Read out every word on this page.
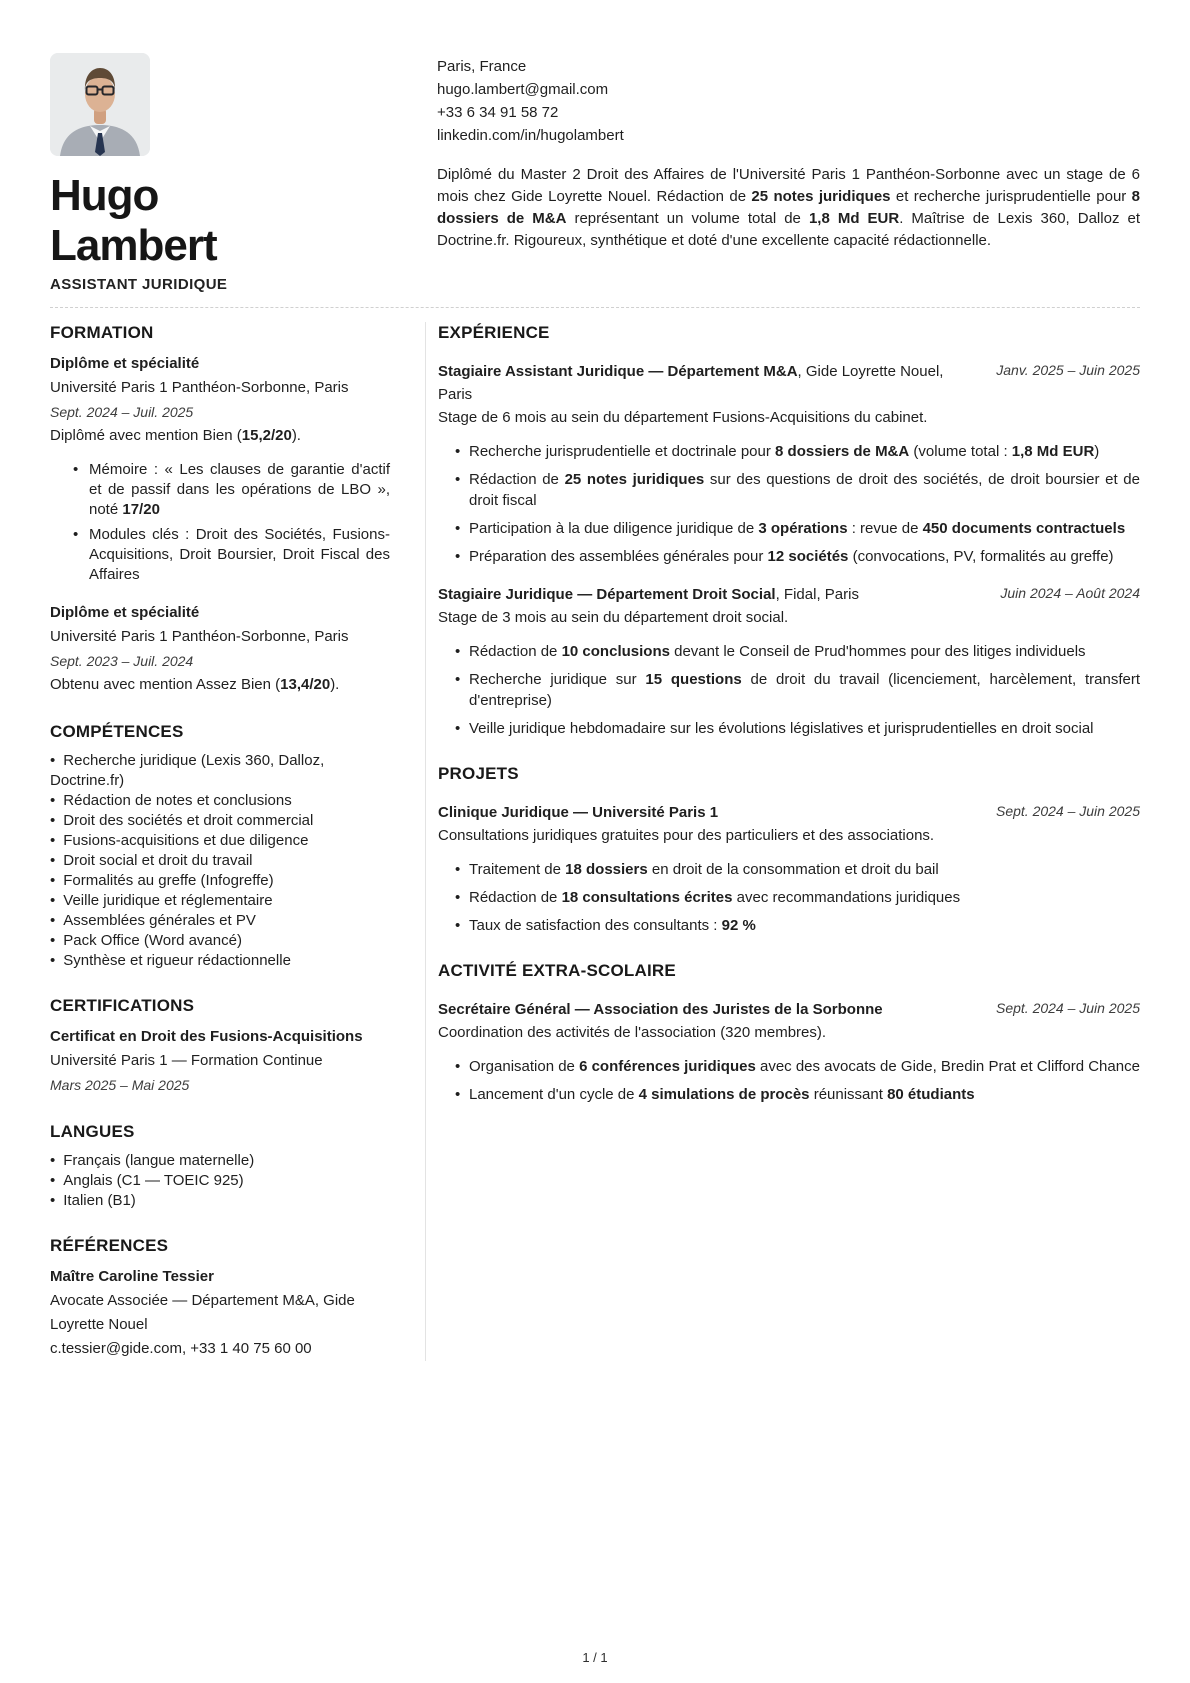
Hugo
Lambert
ASSISTANT JURIDIQUE
Paris, France
hugo.lambert@gmail.com
+33 6 34 91 58 72
linkedin.com/in/hugolambert

Diplômé du Master 2 Droit des Affaires de l'Université Paris 1 Panthéon-Sorbonne avec un stage de 6 mois chez Gide Loyrette Nouel. Rédaction de 25 notes juridiques et recherche jurisprudentielle pour 8 dossiers de M&A représentant un volume total de 1,8 Md EUR. Maîtrise de Lexis 360, Dalloz et Doctrine.fr. Rigoureux, synthétique et doté d'une excellente capacité rédactionnelle.

FORMATION
Diplôme et spécialité
Université Paris 1 Panthéon-Sorbonne, Paris
Sept. 2024 – Juil. 2025
Diplômé avec mention Bien (15,2/20).
• Mémoire : « Les clauses de garantie d'actif et de passif dans les opérations de LBO », noté 17/20
• Modules clés : Droit des Sociétés, Fusions-Acquisitions, Droit Boursier, Droit Fiscal des Affaires
Diplôme et spécialité
Université Paris 1 Panthéon-Sorbonne, Paris
Sept. 2023 – Juil. 2024
Obtenu avec mention Assez Bien (13,4/20).
COMPÉTENCES
• Recherche juridique (Lexis 360, Dalloz, Doctrine.fr)
• Rédaction de notes et conclusions
• Droit des sociétés et droit commercial
• Fusions-acquisitions et due diligence
• Droit social et droit du travail
• Formalités au greffe (Infogreffe)
• Veille juridique et réglementaire
• Assemblées générales et PV
• Pack Office (Word avancé)
• Synthèse et rigueur rédactionnelle
CERTIFICATIONS
Certificat en Droit des Fusions-Acquisitions
Université Paris 1 — Formation Continue
Mars 2025 – Mai 2025
LANGUES
• Français (langue maternelle)
• Anglais (C1 — TOEIC 925)
• Italien (B1)
RÉFÉRENCES
Maître Caroline Tessier
Avocate Associée — Département M&A, Gide Loyrette Nouel
c.tessier@gide.com, +33 1 40 75 60 00
EXPÉRIENCE
Stagiaire Assistant Juridique — Département M&A, Gide Loyrette Nouel, Paris
Janv. 2025 – Juin 2025
Stage de 6 mois au sein du département Fusions-Acquisitions du cabinet.
• Recherche jurisprudentielle et doctrinale pour 8 dossiers de M&A (volume total : 1,8 Md EUR)
• Rédaction de 25 notes juridiques sur des questions de droit des sociétés, de droit boursier et de droit fiscal
• Participation à la due diligence juridique de 3 opérations : revue de 450 documents contractuels
• Préparation des assemblées générales pour 12 sociétés (convocations, PV, formalités au greffe)
Stagiaire Juridique — Département Droit Social, Fidal, Paris	Juin 2024 – Août 2024
Stage de 3 mois au sein du département droit social.
• Rédaction de 10 conclusions devant le Conseil de Prud'hommes pour des litiges individuels
• Recherche juridique sur 15 questions de droit du travail (licenciement, harcèlement, transfert d'entreprise)
• Veille juridique hebdomadaire sur les évolutions législatives et jurisprudentielles en droit social
PROJETS
Clinique Juridique — Université Paris 1	Sept. 2024 – Juin 2025
Consultations juridiques gratuites pour des particuliers et des associations.
• Traitement de 18 dossiers en droit de la consommation et droit du bail
• Rédaction de 18 consultations écrites avec recommandations juridiques
• Taux de satisfaction des consultants : 92 %
ACTIVITÉ EXTRA-SCOLAIRE
Secrétaire Général — Association des Juristes de la Sorbonne	Sept. 2024 – Juin 2025
Coordination des activités de l'association (320 membres).
• Organisation de 6 conférences juridiques avec des avocats de Gide, Bredin Prat et Clifford Chance
• Lancement d'un cycle de 4 simulations de procès réunissant 80 étudiants
1 / 1
